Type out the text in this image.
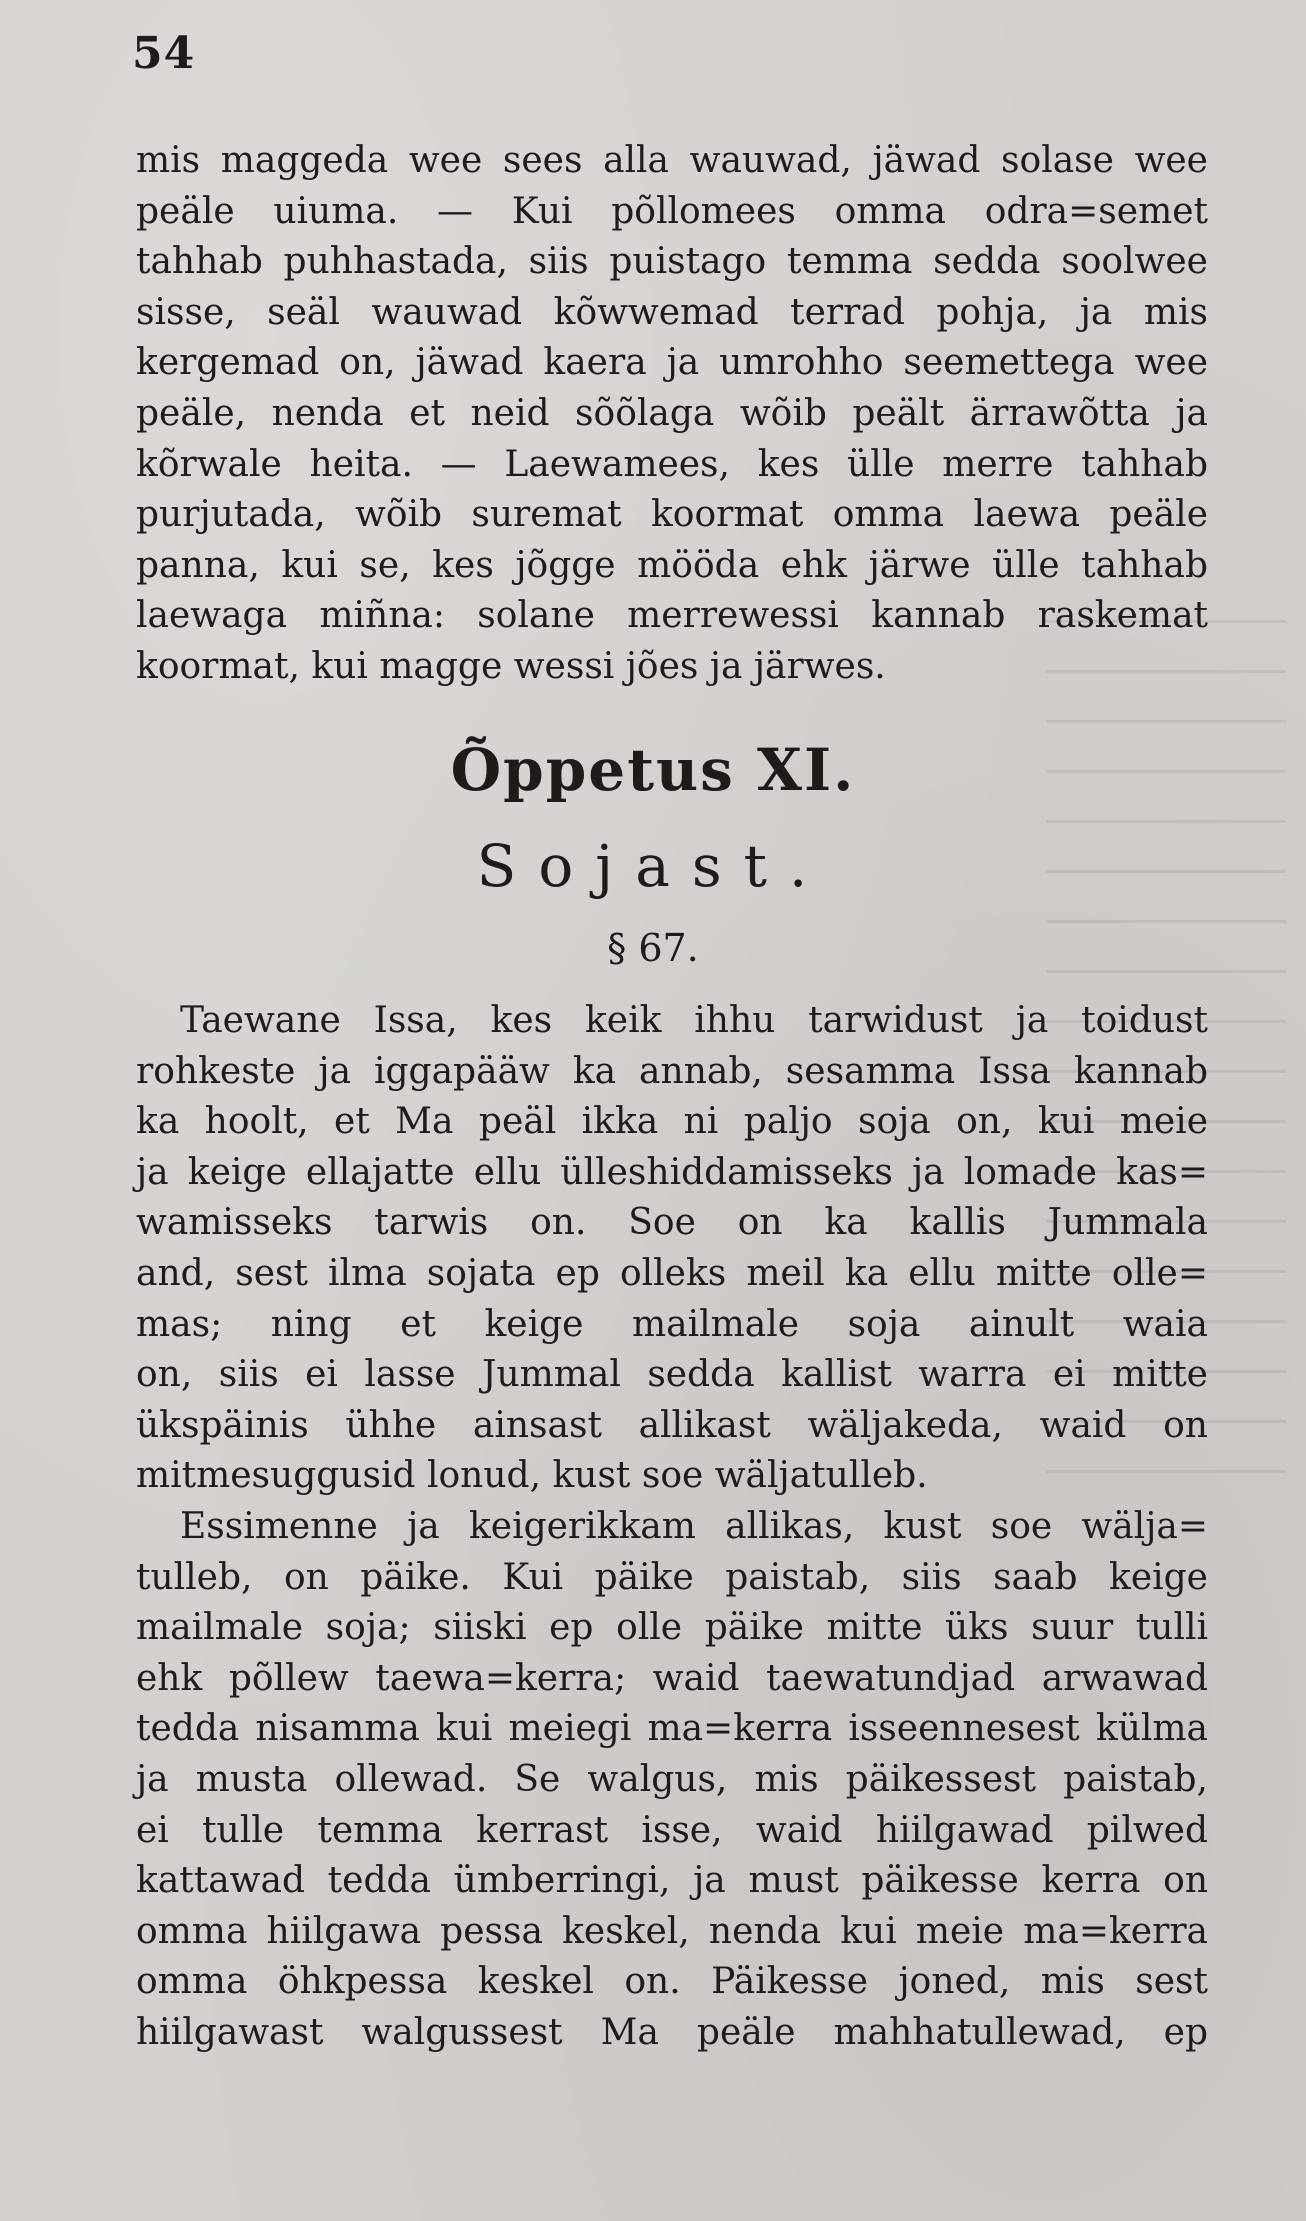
54
mis maggeda wee sees alla wauwad, jäwad solase wee
peäle uiuma. — Kui põllomees omma odra=semet
tahhab puhhastada, siis puistago temma sedda soolwee
sisse, seäl wauwad kõwwemad terrad pohja, ja mis
kergemad on, jäwad kaera ja umrohho seemettega wee
peäle, nenda et neid sõõlaga wõib peält ärrawõtta ja
kõrwale heita. — Laewamees, kes ülle merre tahhab
purjutada, wõib suremat koormat omma laewa peäle
panna, kui se, kes jõgge mööda ehk järwe ülle tahhab
laewaga miñna: solane merrewessi kannab raskemat
koormat, kui magge wessi jões ja järwes.
Õppetus XI.
Sojast.
§ 67.
Taewane Issa, kes keik ihhu tarwidust ja toidust
rohkeste ja iggapääw ka annab, sesamma Issa kannab
ka hoolt, et Ma peäl ikka ni paljo soja on, kui meie
ja keige ellajatte ellu ülleshiddamisseks ja lomade kas=
wamisseks tarwis on. Soe on ka kallis Jummala
and, sest ilma sojata ep olleks meil ka ellu mitte olle=
mas; ning et keige mailmale soja ainult waia
on, siis ei lasse Jummal sedda kallist warra ei mitte
ükspäinis ühhe ainsast allikast wäljakeda, waid on
mitmesuggusid lonud, kust soe wäljatulleb.
Essimenne ja keigerikkam allikas, kust soe wälja=
tulleb, on päike. Kui päike paistab, siis saab keige
mailmale soja; siiski ep olle päike mitte üks suur tulli
ehk põllew taewa=kerra; waid taewatundjad arwawad
tedda nisamma kui meiegi ma=kerra isseennesest külma
ja musta ollewad. Se walgus, mis päikessest paistab,
ei tulle temma kerrast isse, waid hiilgawad pilwed
kattawad tedda ümberringi, ja must päikesse kerra on
omma hiilgawa pessa keskel, nenda kui meie ma=kerra
omma öhkpessa keskel on. Päikesse joned, mis sest
hiilgawast walgussest Ma peäle mahhatullewad, ep
